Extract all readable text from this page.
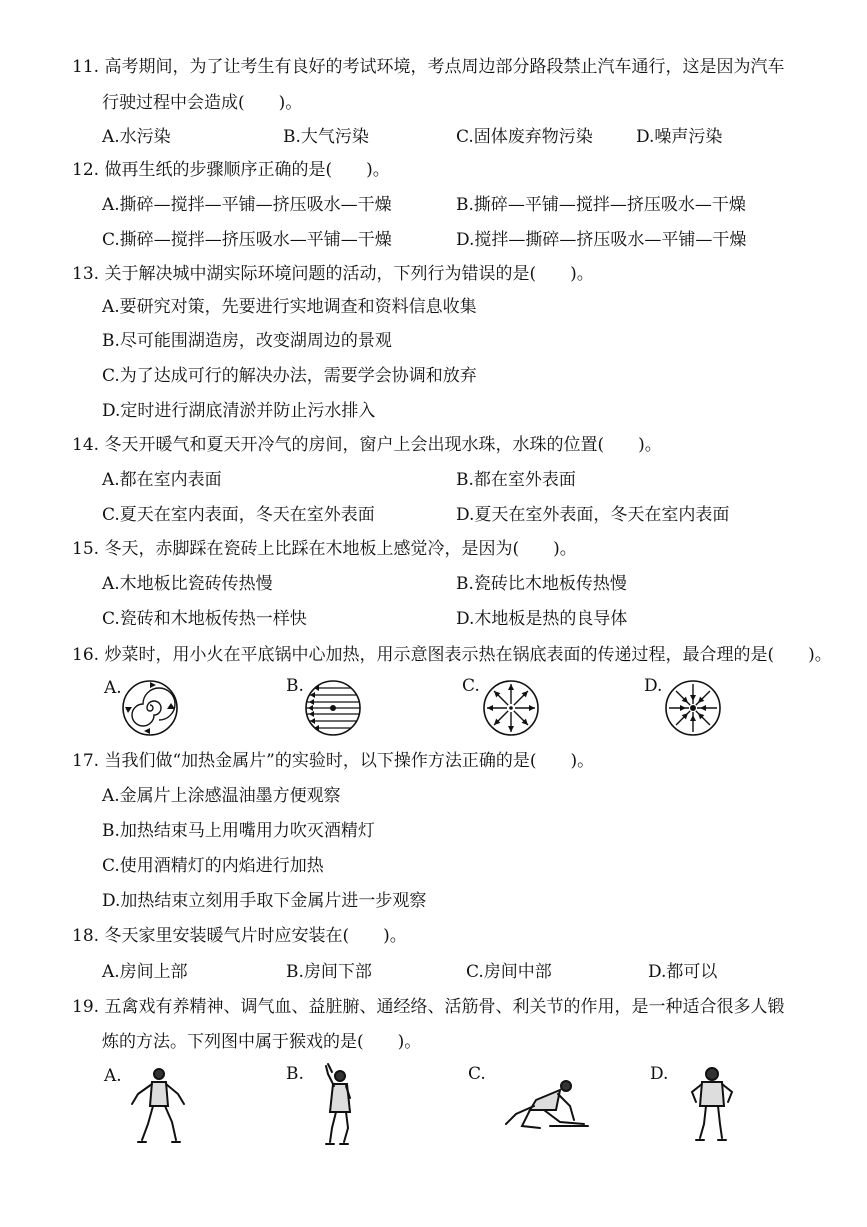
11. 高考期间，为了让考生有良好的考试环境，考点周边部分路段禁止汽车通行，这是因为汽车
行驶过程中会造成(　　)。
A.水污染	B.大气污染	C.固体废弃物污染	D.噪声污染
12. 做再生纸的步骤顺序正确的是(　　)。
A.撕碎—搅拌—平铺—挤压吸水—干燥	B.撕碎—平铺—搅拌—挤压吸水—干燥
C.撕碎—搅拌—挤压吸水—平铺—干燥	D.搅拌—撕碎—挤压吸水—平铺—干燥
13. 关于解决城中湖实际环境问题的活动，下列行为错误的是(　　)。
A.要研究对策，先要进行实地调查和资料信息收集
B.尽可能围湖造房，改变湖周边的景观
C.为了达成可行的解决办法，需要学会协调和放弃
D.定时进行湖底清淤并防止污水排入
14. 冬天开暖气和夏天开冷气的房间，窗户上会出现水珠，水珠的位置(　　)。
A.都在室内表面	B.都在室外表面
C.夏天在室内表面，冬天在室外表面	D.夏天在室外表面，冬天在室内表面
15. 冬天，赤脚踩在瓷砖上比踩在木地板上感觉冷，是因为(　　)。
A.木地板比瓷砖传热慢	B.瓷砖比木地板传热慢
C.瓷砖和木地板传热一样快	D.木地板是热的良导体
16. 炒菜时，用小火在平底锅中心加热，用示意图表示热在锅底表面的传递过程，最合理的是(　　)。
A.	B.	C.	D.
17. 当我们做“加热金属片”的实验时，以下操作方法正确的是(　　)。
A.金属片上涂感温油墨方便观察
B.加热结束马上用嘴用力吹灭酒精灯
C.使用酒精灯的内焰进行加热
D.加热结束立刻用手取下金属片进一步观察
18. 冬天家里安装暖气片时应安装在(　　)。
A.房间上部	B.房间下部	C.房间中部	D.都可以
19. 五禽戏有养精神、调气血、益脏腑、通经络、活筋骨、利关节的作用，是一种适合很多人锻
炼的方法。下列图中属于猴戏的是(　　)。
A.	B.	C.	D.
